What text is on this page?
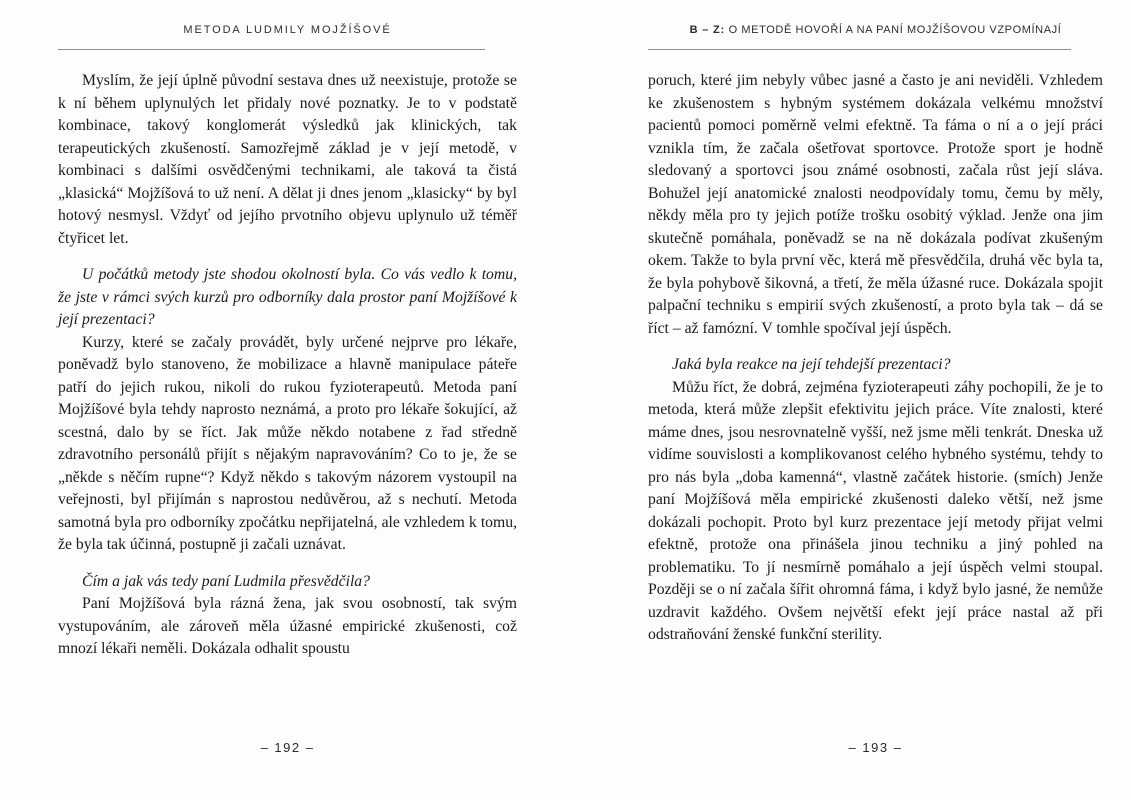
METODA LUDMILY MOJŽÍŠOVÉ

Myslím, že její úplně původní sestava dnes už neexistuje, protože se k ní během uplynulých let přidaly nové poznatky. Je to v podstatě kombinace, takový konglomerát výsledků jak klinických, tak terapeutických zkušeností. Samozřejmě základ je v její metodě, v kombinaci s dalšími osvědčenými technikami, ale taková ta čistá „klasická“ Mojžíšová to už není. A dělat ji dnes jenom „klasicky“ by byl hotový nesmysl. Vždyť od jejího prvotního objevu uplynulo už téměř čtyřicet let.

U počátků metody jste shodou okolností byla. Co vás vedlo k tomu, že jste v rámci svých kurzů pro odborníky dala prostor paní Mojžíšové k její prezentaci?

Kurzy, které se začaly provádět, byly určené nejprve pro lékaře, poněvadž bylo stanoveno, že mobilizace a hlavně manipulace páteře patří do jejich rukou, nikoli do rukou fyzioterapeutů. Metoda paní Mojžíšové byla tehdy naprosto neznámá, a proto pro lékaře šokující, až scestná, dalo by se říct. Jak může někdo notabene z řad středně zdravotního personálů přijít s nějakým napravováním? Co to je, že se „někde s něčím rupne“? Když někdo s takovým názorem vystoupil na veřejnosti, byl přijímán s naprostou nedůvěrou, až s nechutí. Metoda samotná byla pro odborníky zpočátku nepřijatelná, ale vzhledem k tomu, že byla tak účinná, postupně ji začali uznávat.

Čím a jak vás tedy paní Ludmila přesvědčila?

Paní Mojžíšová byla rázná žena, jak svou osobností, tak svým vystupováním, ale zároveň měla úžasné empirické zkušenosti, což mnozí lékaři neměli. Dokázala odhalit spoustu

– 192 –
B – Z: O METODĚ HOVOŘÍ A NA PANÍ MOJŽÍŠOVOU VZPOMÍNAJÍ

poruch, které jim nebyly vůbec jasné a často je ani neviděli. Vzhledem ke zkušenostem s hybným systémem dokázala velkému množství pacientů pomoci poměrně velmi efektně. Ta fáma o ní a o její práci vznikla tím, že začala ošetřovat sportovce. Protože sport je hodně sledovaný a sportovci jsou známé osobnosti, začala růst její sláva. Bohužel její anatomické znalosti neodpovídaly tomu, čemu by měly, někdy měla pro ty jejich potíže trošku osobitý výklad. Jenže ona jim skutečně pomáhala, poněvadž se na ně dokázala podívat zkušeným okem. Takže to byla první věc, která mě přesvědčila, druhá věc byla ta, že byla pohybově šikovná, a třetí, že měla úžasné ruce. Dokázala spojit palpační techniku s empirií svých zkušeností, a proto byla tak – dá se říct – až famózní. V tomhle spočíval její úspěch.

Jaká byla reakce na její tehdejší prezentaci?

Můžu říct, že dobrá, zejména fyzioterapeuti záhy pochopili, že je to metoda, která může zlepšit efektivitu jejich práce. Víte znalosti, které máme dnes, jsou nesrovnatelně vyšší, než jsme měli tenkrát. Dneska už vidíme souvislosti a komplikovanost celého hybného systému, tehdy to pro nás byla „doba kamenná“, vlastně začátek historie. (smích) Jenže paní Mojžíšová měla empirické zkušenosti daleko větší, než jsme dokázali pochopit. Proto byl kurz prezentace její metody přijat velmi efektně, protože ona přinášela jinou techniku a jiný pohled na problematiku. To jí nesmírně pomáhalo a její úspěch velmi stoupal. Později se o ní začala šířit ohromná fáma, i když bylo jasné, že nemůže uzdravit každého. Ovšem největší efekt její práce nastal až při odstraňování ženské funkční sterility.

– 193 –
